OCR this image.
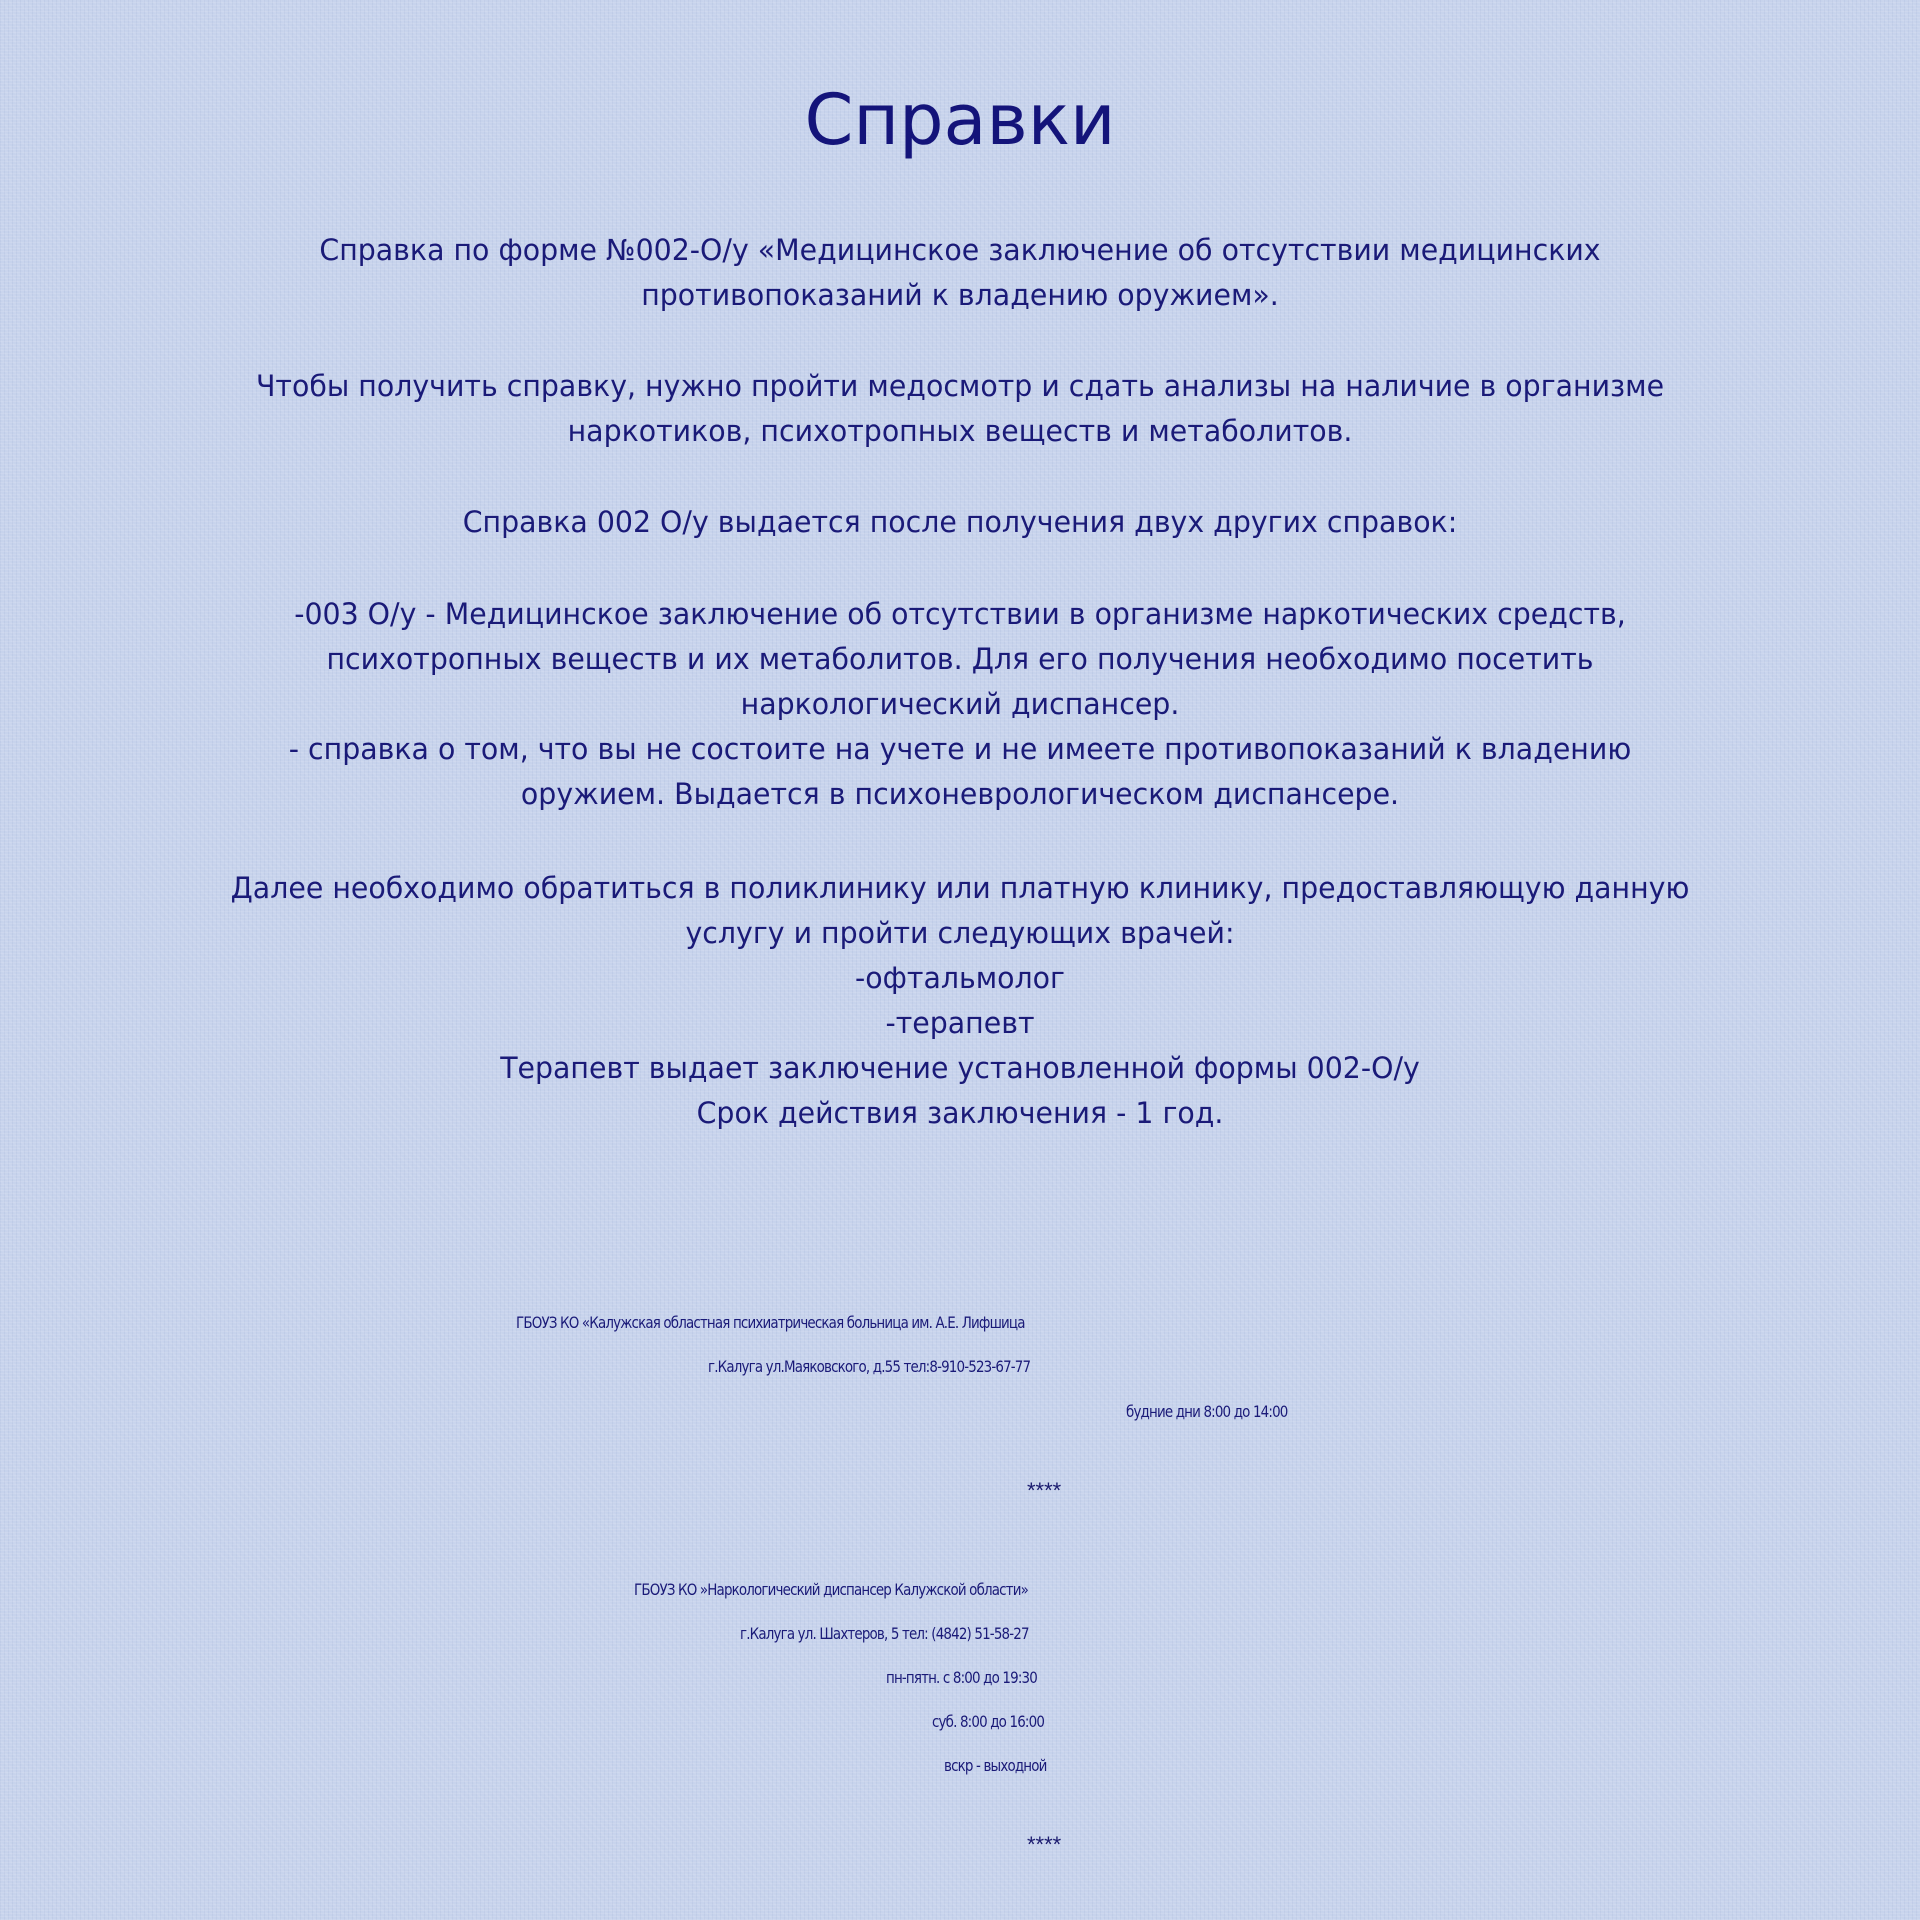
Справки
Справка по форме №002-О/у «Медицинское заключение об отсутствии медицинских
противопоказаний к владению оружием».
Чтобы получить справку, нужно пройти медосмотр и сдать анализы на наличие в организме
наркотиков, психотропных веществ и метаболитов.
Справка 002 О/у выдается после получения двух других справок:
-003 О/у - Медицинское заключение об отсутствии в организме наркотических средств,
психотропных веществ и их метаболитов. Для его получения необходимо посетить
наркологический диспансер.
- справка о том, что вы не состоите на учете и не имеете противопоказаний к владению
оружием. Выдается в психоневрологическом диспансере.
Далее необходимо обратиться в поликлинику или платную клинику, предоставляющую данную
услугу и пройти следующих врачей:
-офтальмолог
-терапевт
Терапевт выдает заключение установленной формы 002-О/у
Срок действия заключения - 1 год.
ГБОУЗ КО «Калужская областная психиатрическая больница им. А.Е. Лифшица
г.Калуга ул.Маяковского, д.55 тел:8-910-523-67-77
будние дни 8:00 до 14:00
****
ГБОУЗ КО »Наркологический диспансер Калужской области»
г.Калуга ул. Шахтеров, 5 тел: (4842) 51-58-27
пн-пятн. с 8:00 до 19:30
суб. 8:00 до 16:00
вскр - выходной
****
